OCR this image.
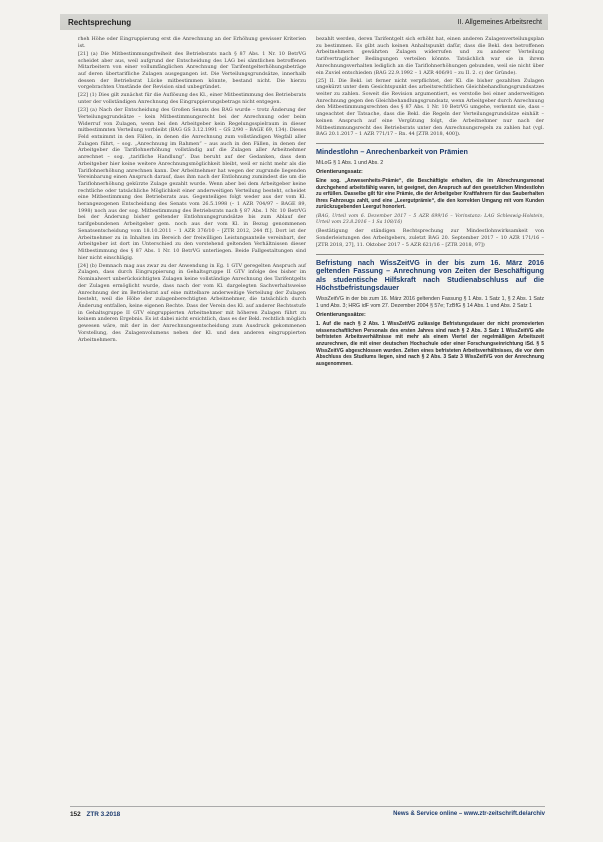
Rechtsprechung	II. Allgemeines Arbeitsrecht

rheh Höhe oder Eingruppierung erst die Anrechnung an der Erhöhung gewisser Kriterien ist.

[21] (a) Die Mitbestimmungsfreiheit des Betriebsrats nach § 87 Abs. 1 Nr. 10 BetrVG scheidet aber aus, weil aufgrund der Entscheidung des LAG bei sämtlichen betroffenen Mitarbeitern von einer vollumfänglichen Anrechnung der Tarifentgelterhöhungsbeträge auf deren übertarifliche Zulagen ausgegangen ist. Die Verteilungsgrundsätze, innerhalb dessen der Betriebsrat Lücke mitbestimmen könnte, bestand nicht. Die hierzu vorgebrachten Umstände der Revision sind unbegründet.

[22] (1) Dies gilt zunächst für die Auflösung des Kl., einer Mitbestimmung des Betriebsrats unter der vollständigen Anrechnung des Eingruppierungsbetrags nicht entgegen.

[23] (a) Nach der Entscheidung des Großen Senats des BAG wurde – trotz Änderung der Verteilungsgrundsätze – kein Mitbestimmungsrecht bei der Anrechnung oder beim Widerruf von Zulagen, wenn bei den Arbeitgeber kein Regelungsspielraum in dieser mitbestimmten Verteilung vorbleibt (BAG GS 3.12.1991 – GS 2/90 – BAGE 69, 134). Dieses Feld entnimmt in den Fällen, in denen die Anrechnung zum vollständigen Wegfall aller Zulagen führt, – sog. „Anrechnung im Rahmen“ – aus auch in den Fällen, in denen der Arbeitgeber die Tariflohnerhöhung vollständig auf die Zulagen aller Arbeitnehmer anrechnet – sog. „tarifliche Handlung“. Das beruht auf der Gedanken, dass dem Arbeitgeber hier keine weitere Anrechnungsmöglichkeit bleibt, weil er nicht mehr als die Tariflohnerhöhung anrechnen kann. Der Arbeitnehmer hat wegen der zugrunde liegenden Vereinbarung einen Anspruch darauf, dass ihm nach der Entlohnung zumindest die um die Tariflohnerhöhung gekürzte Zulage gezahlt wurde. Wenn aber bei dem Arbeitgeber keine rechtliche oder tatsächliche Möglichkeit einer anderweitigen Verteilung besteht, scheidet eine Mitbestimmung des Betriebsrats aus. Gegenteiliges folgt weder aus der vom Kl. herangezogenen Entscheidung des Senats vom 26.5.1998 (– 1 AZR 704/97 – BAGE 89, 1998) noch aus der sog. Mitbestimmung des Betriebsrats nach § 87 Abs. 1 Nr. 10 BetrVG bei der Änderung bisher geltender Entlohnungsgrundsätze bis zum Ablauf der tarifgebundenen Arbeitgeber gem. noch aus der vom Kl. in Bezug genommenen Senatsentscheidung vom 18.10.2011 – 1 AZR 376/10 – [ZTR 2012, 244 ff.]. Dort ist der Arbeitnehmer zu in Inhalten im Bereich der freiwilligen Leistungsanteile vereinbart, der Arbeitgeber ist dort im Unterschied zu den vorstehend geltenden Verhältnissen dieser Mitbestimmung des § 87 Abs. 1 Nr. 10 BetrVG unterliegen. Beide Fallgestaltungen sind hier nicht einschlägig.

[24] (b) Demnach mag aus zwar zu der Anwendung in Eg. 1 GTV geregelten Anspruch auf Zulagen, dass durch Eingruppierung in Gehaltsgruppe II GTV infolge des bisher im Nominalwert unberücksichtigten Zulagen keine vollständige Anrechnung des Tarifentgelts der Zulagen ermöglicht wurde, dass nach der vom Kl. dargelegten Sachverhaltsweise Anrechnung der im Betriebsrat auf eine mittelbare anderweitige Verteilung der Zulagen besteht, weil die Höhe der zulagenberechtigten Arbeitnehmer, die tatsächlich durch Änderung entfallen, keine eigenen Rechte. Dass der Verein des Kl. auf anderer Rechtsstufe in Gehaltsgruppe II GTV eingruppierten Arbeitnehmer mit höheren Zulagen führt zu keinem anderen Ergebnis. Es ist dabei nicht ersichtlich, dass es der Bekl. rechtlich möglich gewesen wäre, mit der in der Anrechnungsentscheidung zum Ausdruck gekommenen Vorstellung, des Zulagenvolumens neben der Kl. und den anderen eingruppierten Arbeitnehmern.

bezahlt werden, deren Tarifentgelt sich erhöht hat, einen anderen Zulagenverteilungsplan zu bestimmen. Es gibt auch keinen Anhaltspunkt dafür, dass die Bekl. den betroffenen Arbeitnehmern gewährten Zulagen widerrufen und zu anderer Verteilung tarifvertraglicher Bedingungen verteilen könnte. Tatsächlich war sie in ihrem Anrechnungsverhalten lediglich an die Tariflohnerhöhungen gebunden, weil sie nicht über ein Zuviel entschieden (BAG 22.9.1992 – 1 AZR 406/91 – zu II. 2. c) der Gründe).

[25] II. Die Bekl. ist ferner nicht verpflichtet, der Kl. die bisher gezahlten Zulagen ungekürzt unter dem Gesichtspunkt des arbeitsrechtlichen Gleichbehandlungsgrundsatzes weiter zu zahlen. Soweit die Revision argumentiert, es verstoße bei einer anderweitigen Anrechnung gegen den Gleichbehandlungsgrundsatz, wenn Arbeitgeber durch Anrechnung den Mitbestimmungsrechten des § 87 Abs. 1 Nr. 10 BetrVG umgehe, verkennt sie, dass – ungeachtet der Tatsache, dass die Bekl. die Regeln der Verteilungsgrundsätze einhält – keinen Anspruch auf eine Vergütung folgt, die Arbeitnehmer nur nach der Mitbestimmungsrecht des Betriebsrats unter den Anrechnungsregeln zu zahlen hat (vgl. BAG 20.1.2017 – 1 AZR 771/17 – Rn. 44 [ZTR 2018, 400]).

Mindestlohn – Anrechenbarkeit von Prämien
MiLoG § 1 Abs. 1 und Abs. 2
Orientierungssatz:
Eine sog. „Anwesenheits-Prämie“, die Beschäftigte erhalten, die im Abrechnungsmonat durchgehend arbeitsfähig waren, ist geeignet, den Anspruch auf den gesetzlichen Mindestlohn zu erfüllen. Dasselbe gilt für eine Prämie, die der Arbeitgeber Kraftfahrern für das Sauberhalten ihres Fahrzeugs zahlt, und eine „Leergutprämie“, die den korrekten Umgang mit vom Kunden zurückzugebenden Leergut honoriert.
(BAG, Urteil vom 6. Dezember 2017 – 5 AZR 699/16 – Vorinstanz: LAG Schleswig-Holstein, Urteil vom 23.8.2016 – 1 Sa 108/16)

(Bestätigung der ständigen Rechtsprechung zur Mindestlohnwirksamkeit von Sonderleistungen des Arbeitgebers, zuletzt BAG 20. September 2017 – 10 AZR 171/16 – [ZTR 2018, 27], 11. Oktober 2017 – 5 AZR 621/16 – [ZTR 2018, 97])

Befristung nach WissZeitVG in der bis zum 16. März 2016 geltenden Fassung – Anrechnung von Zeiten der Beschäftigung als studentische Hilfskraft nach Studienabschluss auf die Höchstbefristungsdauer
WissZeitVG in der bis zum 16. März 2016 geltenden Fassung § 1 Abs. 1 Satz 1, § 2 Abs. 1 Satz 1 und Abs. 3; HRG idF vom 27. Dezember 2004 § 57e; TzBfG § 14 Abs. 1 und Abs. 2 Satz 1
Orientierungssätze:
1. Auf die nach § 2 Abs. 1 WissZeitVG zulässige Befristungsdauer der nicht promovierten wissenschaftlichen Personals des ersten Jahres sind nach § 2 Abs. 3 Satz 1 WissZeitVG alle befristeten Arbeitsverhältnisse mit mehr als einem Viertel der regelmäßigen Arbeitszeit anzurechnen, die mit einer deutschen Hochschule oder einer Forschungseinrichtung iSd. § 5 WissZeitVG abgeschlossen wurden. Zeiten eines befristeten Arbeitsverhältnisses, die vor dem Abschluss des Studiums liegen, sind nach § 2 Abs. 3 Satz 3 WissZeitVG von der Anrechnung ausgenommen.
152 ZTR 3.2018	News & Service online – www.ztr-zeitschrift.de/archiv
